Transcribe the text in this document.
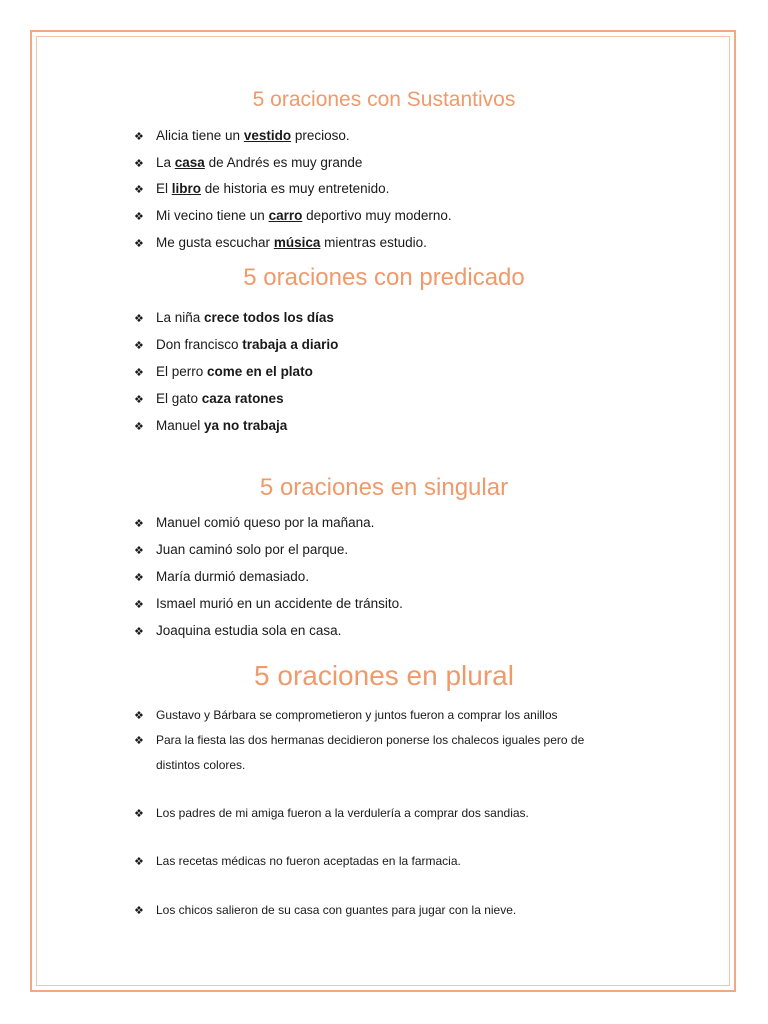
5 oraciones con Sustantivos
❖ Alicia tiene un vestido precioso.
❖ La casa de Andrés es muy grande
❖ El libro de historia es muy entretenido.
❖ Mi vecino tiene un carro deportivo muy moderno.
❖ Me gusta escuchar música mientras estudio.
5 oraciones con predicado
❖ La niña crece todos los días
❖ Don francisco trabaja a diario
❖ El perro come en el plato
❖ El gato caza ratones
❖ Manuel ya no trabaja
5 oraciones en singular
❖ Manuel comió queso por la mañana.
❖ Juan caminó solo por el parque.
❖ María durmió demasiado.
❖ Ismael murió en un accidente de tránsito.
❖ Joaquina estudia sola en casa.
5 oraciones en plural
❖ Gustavo y Bárbara se comprometieron y juntos fueron a comprar los anillos
❖ Para la fiesta las dos hermanas decidieron ponerse los chalecos iguales pero de
distintos colores.
❖ Los padres de mi amiga fueron a la verdulería a comprar dos sandias.
❖ Las recetas médicas no fueron aceptadas en la farmacia.
❖ Los chicos salieron de su casa con guantes para jugar con la nieve.
